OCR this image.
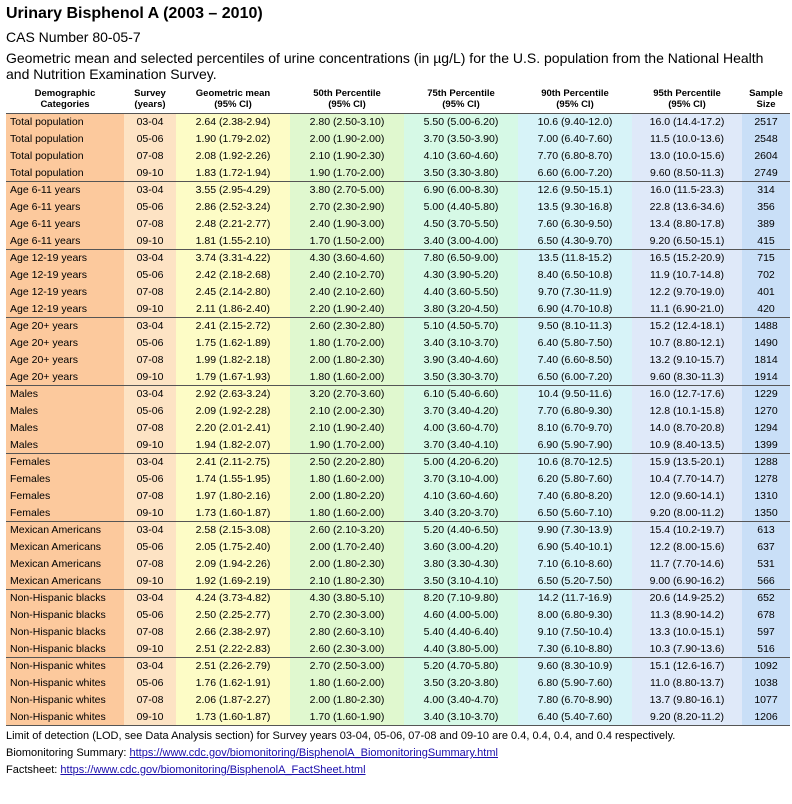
Urinary Bisphenol A (2003 – 2010)
CAS Number 80-05-7
Geometric mean and selected percentiles of urine concentrations (in µg/L) for the U.S. population from the National Health and Nutrition Examination Survey.
Demographic
Categories	Survey
(years)	Geometric mean
(95% CI)	50th Percentile
(95% CI)	75th Percentile
(95% CI)	90th Percentile
(95% CI)	95th Percentile
(95% CI)	Sample
Size
Total population	03-04	2.64 (2.38-2.94)	2.80 (2.50-3.10)	5.50 (5.00-6.20)	10.6 (9.40-12.0)	16.0 (14.4-17.2)	2517
Total population	05-06	1.90 (1.79-2.02)	2.00 (1.90-2.00)	3.70 (3.50-3.90)	7.00 (6.40-7.60)	11.5 (10.0-13.6)	2548
Total population	07-08	2.08 (1.92-2.26)	2.10 (1.90-2.30)	4.10 (3.60-4.60)	7.70 (6.80-8.70)	13.0 (10.0-15.6)	2604
Total population	09-10	1.83 (1.72-1.94)	1.90 (1.70-2.00)	3.50 (3.30-3.80)	6.60 (6.00-7.20)	9.60 (8.50-11.3)	2749
Age 6-11 years	03-04	3.55 (2.95-4.29)	3.80 (2.70-5.00)	6.90 (6.00-8.30)	12.6 (9.50-15.1)	16.0 (11.5-23.3)	314
Age 6-11 years	05-06	2.86 (2.52-3.24)	2.70 (2.30-2.90)	5.00 (4.40-5.80)	13.5 (9.30-16.8)	22.8 (13.6-34.6)	356
Age 6-11 years	07-08	2.48 (2.21-2.77)	2.40 (1.90-3.00)	4.50 (3.70-5.50)	7.60 (6.30-9.50)	13.4 (8.80-17.8)	389
Age 6-11 years	09-10	1.81 (1.55-2.10)	1.70 (1.50-2.00)	3.40 (3.00-4.00)	6.50 (4.30-9.70)	9.20 (6.50-15.1)	415
Age 12-19 years	03-04	3.74 (3.31-4.22)	4.30 (3.60-4.60)	7.80 (6.50-9.00)	13.5 (11.8-15.2)	16.5 (15.2-20.9)	715
Age 12-19 years	05-06	2.42 (2.18-2.68)	2.40 (2.10-2.70)	4.30 (3.90-5.20)	8.40 (6.50-10.8)	11.9 (10.7-14.8)	702
Age 12-19 years	07-08	2.45 (2.14-2.80)	2.40 (2.10-2.60)	4.40 (3.60-5.50)	9.70 (7.30-11.9)	12.2 (9.70-19.0)	401
Age 12-19 years	09-10	2.11 (1.86-2.40)	2.20 (1.90-2.40)	3.80 (3.20-4.50)	6.90 (4.70-10.8)	11.1 (6.90-21.0)	420
Age 20+ years	03-04	2.41 (2.15-2.72)	2.60 (2.30-2.80)	5.10 (4.50-5.70)	9.50 (8.10-11.3)	15.2 (12.4-18.1)	1488
Age 20+ years	05-06	1.75 (1.62-1.89)	1.80 (1.70-2.00)	3.40 (3.10-3.70)	6.40 (5.80-7.50)	10.7 (8.80-12.1)	1490
Age 20+ years	07-08	1.99 (1.82-2.18)	2.00 (1.80-2.30)	3.90 (3.40-4.60)	7.40 (6.60-8.50)	13.2 (9.10-15.7)	1814
Age 20+ years	09-10	1.79 (1.67-1.93)	1.80 (1.60-2.00)	3.50 (3.30-3.70)	6.50 (6.00-7.20)	9.60 (8.30-11.3)	1914
Males	03-04	2.92 (2.63-3.24)	3.20 (2.70-3.60)	6.10 (5.40-6.60)	10.4 (9.50-11.6)	16.0 (12.7-17.6)	1229
Males	05-06	2.09 (1.92-2.28)	2.10 (2.00-2.30)	3.70 (3.40-4.20)	7.70 (6.80-9.30)	12.8 (10.1-15.8)	1270
Males	07-08	2.20 (2.01-2.41)	2.10 (1.90-2.40)	4.00 (3.60-4.70)	8.10 (6.70-9.70)	14.0 (8.70-20.8)	1294
Males	09-10	1.94 (1.82-2.07)	1.90 (1.70-2.00)	3.70 (3.40-4.10)	6.90 (5.90-7.90)	10.9 (8.40-13.5)	1399
Females	03-04	2.41 (2.11-2.75)	2.50 (2.20-2.80)	5.00 (4.20-6.20)	10.6 (8.70-12.5)	15.9 (13.5-20.1)	1288
Females	05-06	1.74 (1.55-1.95)	1.80 (1.60-2.00)	3.70 (3.10-4.00)	6.20 (5.80-7.60)	10.4 (7.70-14.7)	1278
Females	07-08	1.97 (1.80-2.16)	2.00 (1.80-2.20)	4.10 (3.60-4.60)	7.40 (6.80-8.20)	12.0 (9.60-14.1)	1310
Females	09-10	1.73 (1.60-1.87)	1.80 (1.60-2.00)	3.40 (3.20-3.70)	6.50 (5.60-7.10)	9.20 (8.00-11.2)	1350
Mexican Americans	03-04	2.58 (2.15-3.08)	2.60 (2.10-3.20)	5.20 (4.40-6.50)	9.90 (7.30-13.9)	15.4 (10.2-19.7)	613
Mexican Americans	05-06	2.05 (1.75-2.40)	2.00 (1.70-2.40)	3.60 (3.00-4.20)	6.90 (5.40-10.1)	12.2 (8.00-15.6)	637
Mexican Americans	07-08	2.09 (1.94-2.26)	2.00 (1.80-2.30)	3.80 (3.30-4.30)	7.10 (6.10-8.60)	11.7 (7.70-14.6)	531
Mexican Americans	09-10	1.92 (1.69-2.19)	2.10 (1.80-2.30)	3.50 (3.10-4.10)	6.50 (5.20-7.50)	9.00 (6.90-16.2)	566
Non-Hispanic blacks	03-04	4.24 (3.73-4.82)	4.30 (3.80-5.10)	8.20 (7.10-9.80)	14.2 (11.7-16.9)	20.6 (14.9-25.2)	652
Non-Hispanic blacks	05-06	2.50 (2.25-2.77)	2.70 (2.30-3.00)	4.60 (4.00-5.00)	8.00 (6.80-9.30)	11.3 (8.90-14.2)	678
Non-Hispanic blacks	07-08	2.66 (2.38-2.97)	2.80 (2.60-3.10)	5.40 (4.40-6.40)	9.10 (7.50-10.4)	13.3 (10.0-15.1)	597
Non-Hispanic blacks	09-10	2.51 (2.22-2.83)	2.60 (2.30-3.00)	4.40 (3.80-5.00)	7.30 (6.10-8.80)	10.3 (7.90-13.6)	516
Non-Hispanic whites	03-04	2.51 (2.26-2.79)	2.70 (2.50-3.00)	5.20 (4.70-5.80)	9.60 (8.30-10.9)	15.1 (12.6-16.7)	1092
Non-Hispanic whites	05-06	1.76 (1.62-1.91)	1.80 (1.60-2.00)	3.50 (3.20-3.80)	6.80 (5.90-7.60)	11.0 (8.80-13.7)	1038
Non-Hispanic whites	07-08	2.06 (1.87-2.27)	2.00 (1.80-2.30)	4.00 (3.40-4.70)	7.80 (6.70-8.90)	13.7 (9.80-16.1)	1077
Non-Hispanic whites	09-10	1.73 (1.60-1.87)	1.70 (1.60-1.90)	3.40 (3.10-3.70)	6.40 (5.40-7.60)	9.20 (8.20-11.2)	1206
Limit of detection (LOD, see Data Analysis section) for Survey years 03-04, 05-06, 07-08 and 09-10 are 0.4, 0.4, 0.4, and 0.4 respectively.
Biomonitoring Summary: https://www.cdc.gov/biomonitoring/BisphenolA_BiomonitoringSummary.html
Factsheet: https://www.cdc.gov/biomonitoring/BisphenolA_FactSheet.html
